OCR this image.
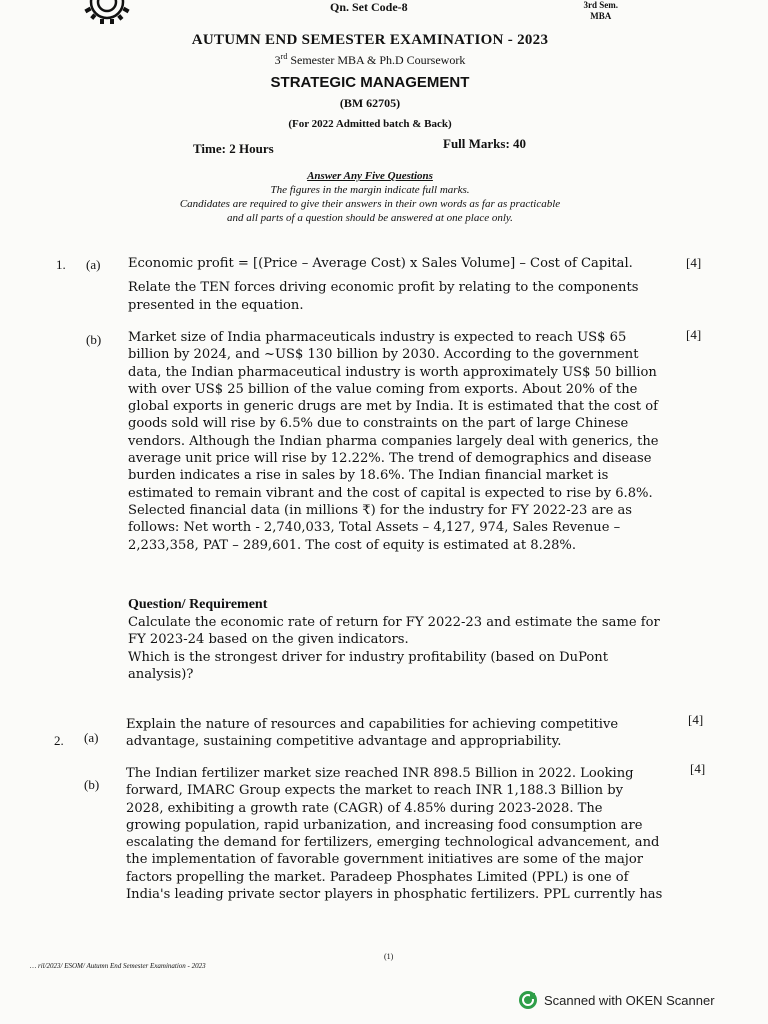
Qn. Set Code-8	3rd Sem.
MBA
AUTUMN END SEMESTER EXAMINATION - 2023
3rd Semester MBA & Ph.D Coursework
STRATEGIC MANAGEMENT
(BM 62705)
(For 2022 Admitted batch & Back)
Time: 2 Hours	Full Marks: 40
Answer Any Five Questions
The figures in the margin indicate full marks.
Candidates are required to give their answers in their own words as far as practicable
and all parts of a question should be answered at one place only.
1. (a)	[4]
Economic profit = [(Price – Average Cost) x Sales Volume] – Cost of Capital.
Relate the TEN forces driving economic profit by relating to the components
presented in the equation.
(b)	[4]
Market size of India pharmaceuticals industry is expected to reach US$ 65
billion by 2024, and ~US$ 130 billion by 2030. According to the government
data, the Indian pharmaceutical industry is worth approximately US$ 50 billion
with over US$ 25 billion of the value coming from exports. About 20% of the
global exports in generic drugs are met by India. It is estimated that the cost of
goods sold will rise by 6.5% due to constraints on the part of large Chinese
vendors. Although the Indian pharma companies largely deal with generics, the
average unit price will rise by 12.22%. The trend of demographics and disease
burden indicates a rise in sales by 18.6%. The Indian financial market is
estimated to remain vibrant and the cost of capital is expected to rise by 6.8%.
Selected financial data (in millions ₹) for the industry for FY 2022-23 are as
follows: Net worth - 2,740,033, Total Assets – 4,127, 974, Sales Revenue –
2,233,358, PAT – 289,601. The cost of equity is estimated at 8.28%.
Question/ Requirement
Calculate the economic rate of return for FY 2022-23 and estimate the same for
FY 2023-24 based on the given indicators.
Which is the strongest driver for industry profitability (based on DuPont
analysis)?
2. (a)
[4]
Explain the nature of resources and capabilities for achieving competitive
advantage, sustaining competitive advantage and appropriability.
(b)
[4]
The Indian fertilizer market size reached INR 898.5 Billion in 2022. Looking
forward, IMARC Group expects the market to reach INR 1,188.3 Billion by
2028, exhibiting a growth rate (CAGR) of 4.85% during 2023-2028. The
growing population, rapid urbanization, and increasing food consumption are
escalating the demand for fertilizers, emerging technological advancement, and
the implementation of favorable government initiatives are some of the major
factors propelling the market. Paradeep Phosphates Limited (PPL) is one of
India's leading private sector players in phosphatic fertilizers. PPL currently has
(1)
… ril/2023/ ESOM/ Autumn End Semester Examination - 2023
Scanned with OKEN Scanner
